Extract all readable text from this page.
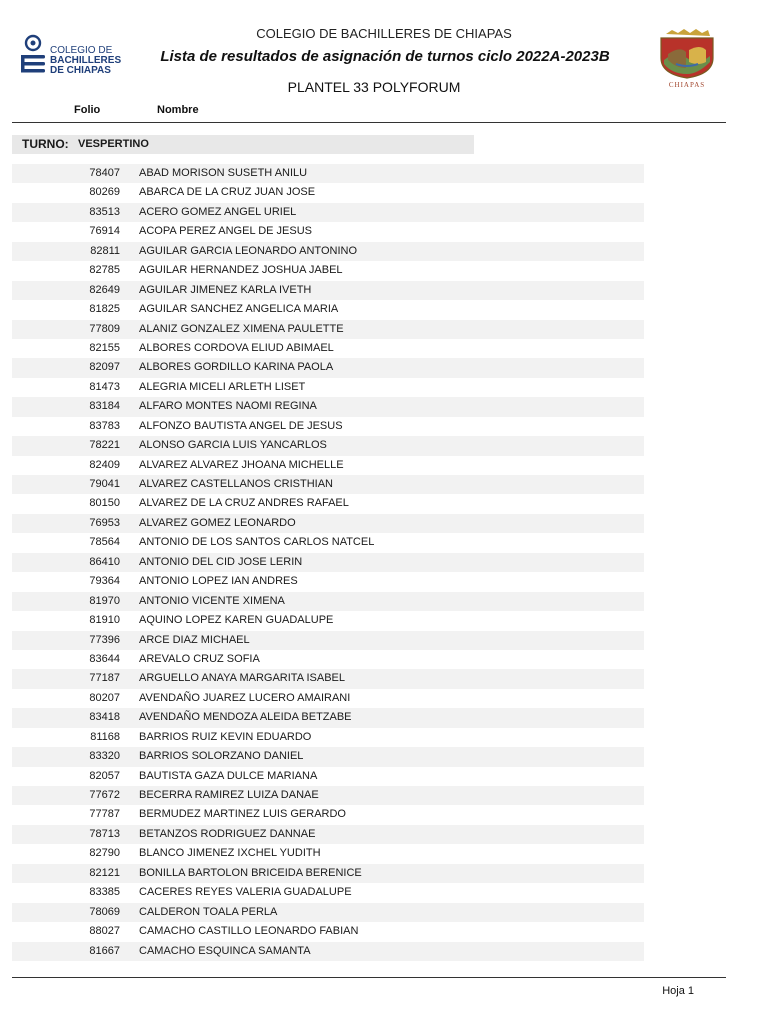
COLEGIO DE
BACHILLERES
DE CHIAPAS
COLEGIO DE BACHILLERES DE CHIAPAS
Lista de resultados de asignación de turnos ciclo 2022A-2023B
PLANTEL 33 POLYFORUM	CHIAPAS
Folio	Nombre
TURNO: VESPERTINO
78407 ABAD MORISON SUSETH ANILU
80269 ABARCA DE LA CRUZ JUAN JOSE
83513 ACERO GOMEZ ANGEL URIEL
76914 ACOPA PEREZ ANGEL DE JESUS
82811 AGUILAR GARCIA LEONARDO ANTONINO
82785 AGUILAR HERNANDEZ JOSHUA JABEL
82649 AGUILAR JIMENEZ KARLA IVETH
81825 AGUILAR SANCHEZ ANGELICA MARIA
77809 ALANIZ GONZALEZ XIMENA PAULETTE
82155 ALBORES CORDOVA ELIUD ABIMAEL
82097 ALBORES GORDILLO KARINA PAOLA
81473 ALEGRIA MICELI ARLETH LISET
83184 ALFARO MONTES NAOMI REGINA
83783 ALFONZO BAUTISTA ANGEL DE JESUS
78221 ALONSO GARCIA LUIS YANCARLOS
82409 ALVAREZ ALVAREZ JHOANA MICHELLE
79041 ALVAREZ CASTELLANOS CRISTHIAN
80150 ALVAREZ DE LA CRUZ ANDRES RAFAEL
76953 ALVAREZ GOMEZ LEONARDO
78564 ANTONIO DE LOS SANTOS CARLOS NATCEL
86410 ANTONIO DEL CID JOSE LERIN
79364 ANTONIO LOPEZ IAN ANDRES
81970 ANTONIO VICENTE XIMENA
81910 AQUINO LOPEZ KAREN GUADALUPE
77396 ARCE DIAZ MICHAEL
83644 AREVALO CRUZ SOFIA
77187 ARGUELLO ANAYA MARGARITA ISABEL
80207 AVENDAÑO JUAREZ LUCERO AMAIRANI
83418 AVENDAÑO MENDOZA ALEIDA BETZABE
81168 BARRIOS RUIZ KEVIN EDUARDO
83320 BARRIOS SOLORZANO DANIEL
82057 BAUTISTA GAZA DULCE MARIANA
77672 BECERRA RAMIREZ LUIZA DANAE
77787 BERMUDEZ MARTINEZ LUIS GERARDO
78713 BETANZOS RODRIGUEZ DANNAE
82790 BLANCO JIMENEZ IXCHEL YUDITH
82121 BONILLA BARTOLON BRICEIDA BERENICE
83385 CACERES REYES VALERIA GUADALUPE
78069 CALDERON TOALA PERLA
88027 CAMACHO CASTILLO LEONARDO FABIAN
81667 CAMACHO ESQUINCA SAMANTA
Hoja 1
